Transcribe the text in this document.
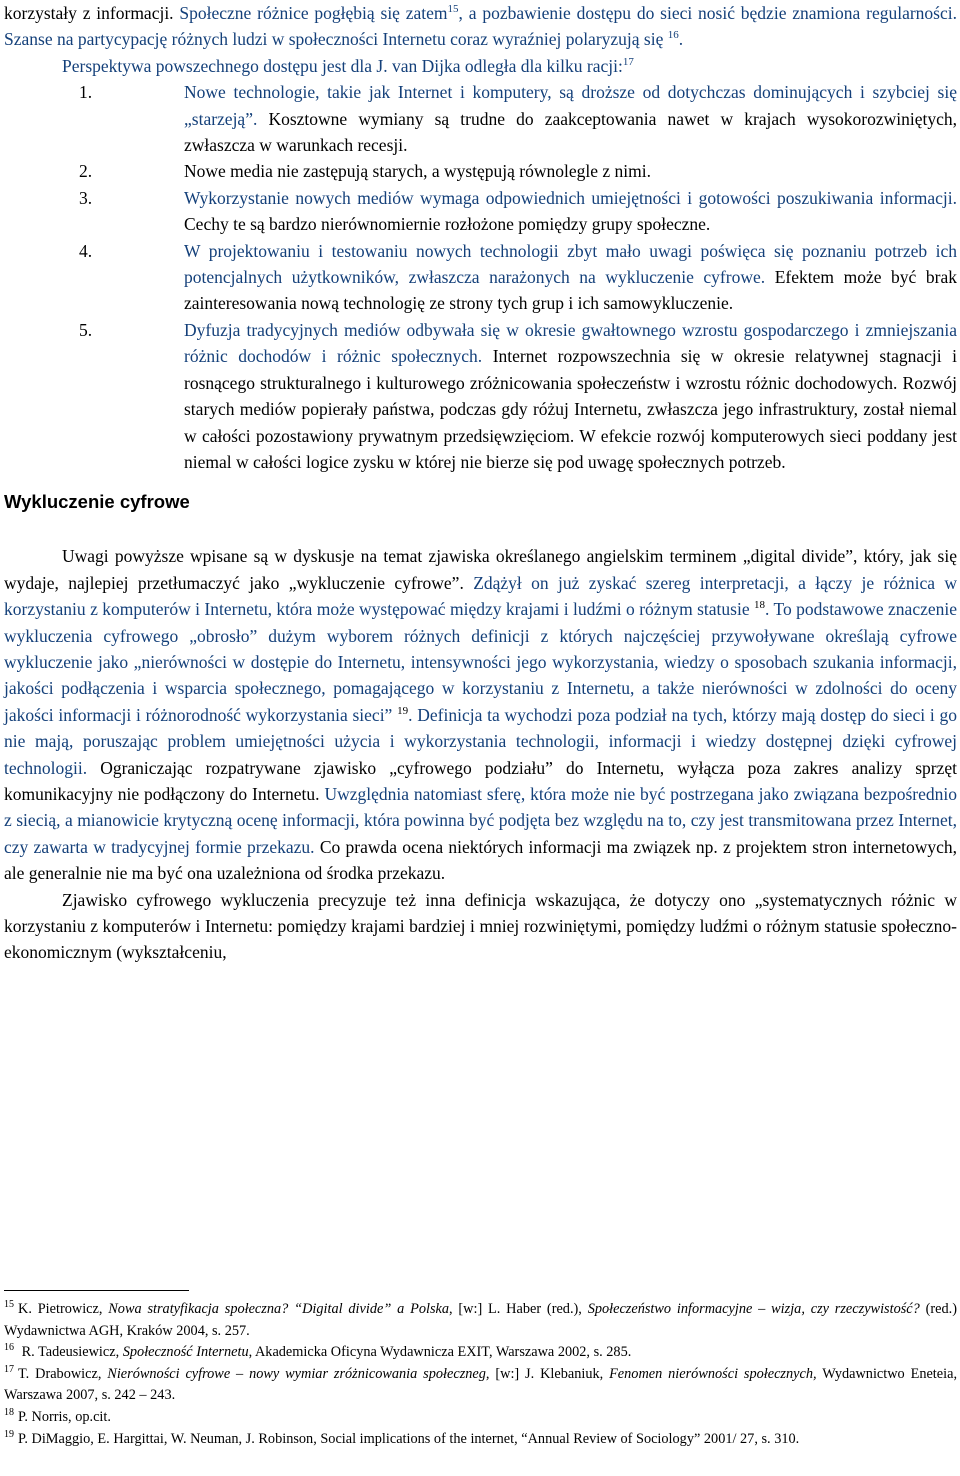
korzystały z informacji. Społeczne różnice pogłębią się zatem$^{15}$, a pozbawienie dostępu do sieci nosić będzie znamiona regularności. Szanse na partycypację różnych ludzi w społeczności Internetu coraz wyraźniej polaryzują się $^{16}$.

Perspektywa powszechnego dostępu jest dla J. van Dijka odległa dla kilku racji:$^{17}$

1.	Nowe technologie, takie jak Internet i komputery, są droższe od dotychczas dominujących i szybciej się „starzeją”. Kosztowne wymiany są trudne do zaakceptowania nawet w krajach wysokorozwiniętych, zwłaszcza w warunkach recesji.
2.	Nowe media nie zastępują starych, a występują równolegle z nimi.
3.	Wykorzystanie nowych mediów wymaga odpowiednich umiejętności i gotowości poszukiwania informacji. Cechy te są bardzo nierównomiernie rozłożone pomiędzy grupy społeczne.
4.	W projektowaniu i testowaniu nowych technologii zbyt mało uwagi poświęca się poznaniu potrzeb ich potencjalnych użytkowników, zwłaszcza narażonych na wykluczenie cyfrowe. Efektem może być brak zainteresowania nową technologię ze strony tych grup i ich samowykluczenie.
5.	Dyfuzja tradycyjnych mediów odbywała się w okresie gwałtownego wzrostu gospodarczego i zmniejszania różnic dochodów i różnic społecznych. Internet rozpowszechnia się w okresie relatywnej stagnacji i rosnącego strukturalnego i kulturowego zróżnicowania społeczeństw i wzrostu różnic dochodowych. Rozwój starych mediów popierały państwa, podczas gdy różuj Internetu, zwłaszcza jego infrastruktury, został niemal w całości pozostawiony prywatnym przedsięwzięciom. W efekcie rozwój komputerowych sieci poddany jest niemal w całości logice zysku w której nie bierze się pod uwagę społecznych potrzeb.
Wykluczenie cyfrowe

Uwagi powyższe wpisane są w dyskusje na temat zjawiska określanego angielskim terminem „digital divide”, który, jak się wydaje, najlepiej przetłumaczyć jako „wykluczenie cyfrowe”. Zdążył on już zyskać szereg interpretacji, a łączy je różnica w korzystaniu z komputerów i Internetu, która może występować między krajami i ludźmi o różnym statusie $^{18}$. To podstawowe znaczenie wykluczenia cyfrowego „obrosło” dużym wyborem różnych definicji z których najczęściej przywoływane określają cyfrowe wykluczenie jako „nierówności w dostępie do Internetu, intensywności jego wykorzystania, wiedzy o sposobach szukania informacji, jakości podłączenia i wsparcia społecznego, pomagającego w korzystaniu z Internetu, a także nierówności w zdolności do oceny jakości informacji i różnorodność wykorzystania sieci” $^{19}$. Definicja ta wychodzi poza podział na tych, którzy mają dostęp do sieci i go nie mają, poruszając problem umiejętności użycia i wykorzystania technologii, informacji i wiedzy dostępnej dzięki cyfrowej technologii. Ograniczając rozpatrywane zjawisko „cyfrowego podziału” do Internetu, wyłącza poza zakres analizy sprzęt komunikacyjny nie podłączony do Internetu. Uwzględnia natomiast sferę, która może nie być postrzegana jako związana bezpośrednio z siecią, a mianowicie krytyczną ocenę informacji, która powinna być podjęta bez względu na to, czy jest transmitowana przez Internet, czy zawarta w tradycyjnej formie przekazu. Co prawda ocena niektórych informacji ma związek np. z projektem stron internetowych, ale generalnie nie ma być ona uzależniona od środka przekazu.

Zjawisko cyfrowego wykluczenia precyzuje też inna definicja wskazująca, że dotyczy ono „systematycznych różnic w korzystaniu z komputerów i Internetu: pomiędzy krajami bardziej i mniej rozwiniętymi, pomiędzy ludźmi o różnym statusie społeczno-ekonomicznym (wykształceniu,

$^{15}$ K. Pietrowicz, Nowa stratyfikacja społeczna? “Digital divide” a Polska, [w:] L. Haber (red.), Społeczeństwo informacyjne – wizja, czy rzeczywistość? (red.) Wydawnictwa AGH, Kraków 2004, s. 257.

$^{16}$ R. Tadeusiewicz, Społeczność Internetu, Akademicka Oficyna Wydawnicza EXIT, Warszawa 2002, s. 285.

$^{17}$ T. Drabowicz, Nierówności cyfrowe – nowy wymiar zróżnicowania społeczneg, [w:] J. Klebaniuk, Fenomen nierówności społecznych, Wydawnictwo Eneteia, Warszawa 2007, s. 242 – 243.

$^{18}$ P. Norris, op.cit.

$^{19}$ P. DiMaggio, E. Hargittai, W. Neuman, J. Robinson, Social implications of the internet, “Annual Review of Sociology” 2001/ 27, s. 310.
